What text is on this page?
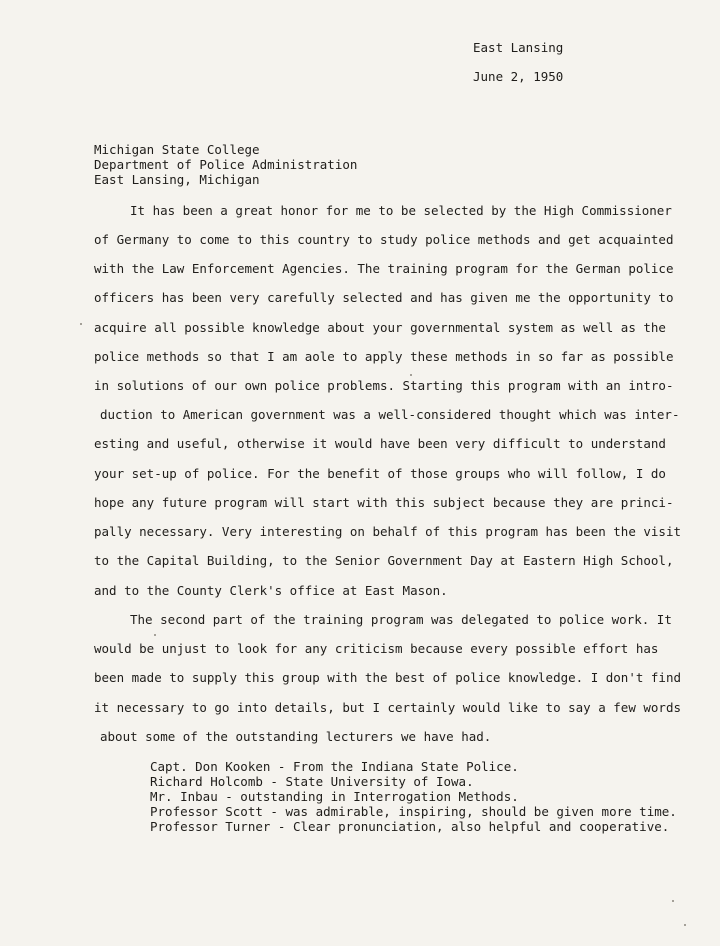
East Lansing
June 2, 1950
Michigan State College
Department of Police Administration
East Lansing, Michigan
It has been a great honor for me to be selected by the High Commissioner
of Germany to come to this country to study police methods and get acquainted
with the Law Enforcement Agencies. The training program for the German police
officers has been very carefully selected and has given me the opportunity to
acquire all possible knowledge about your governmental system as well as the
police methods so that I am aole to apply these methods in so far as possible
in solutions of our own police problems. Starting this program with an intro-
duction to American government was a well-considered thought which was inter-
esting and useful, otherwise it would have been very difficult to understand
your set-up of police. For the benefit of those groups who will follow, I do
hope any future program will start with this subject because they are princi-
pally necessary. Very interesting on behalf of this program has been the visit
to the Capital Building, to the Senior Government Day at Eastern High School,
and to the County Clerk's office at East Mason.
The second part of the training program was delegated to police work. It
would be unjust to look for any criticism because every possible effort has
been made to supply this group with the best of police knowledge. I don't find
it necessary to go into details, but I certainly would like to say a few words
about some of the outstanding lecturers we have had.
Capt. Don Kooken - From the Indiana State Police.
Richard Holcomb - State University of Iowa.
Mr. Inbau - outstanding in Interrogation Methods.
Professor Scott - was admirable, inspiring, should be given more time.
Professor Turner - Clear pronunciation, also helpful and cooperative.
